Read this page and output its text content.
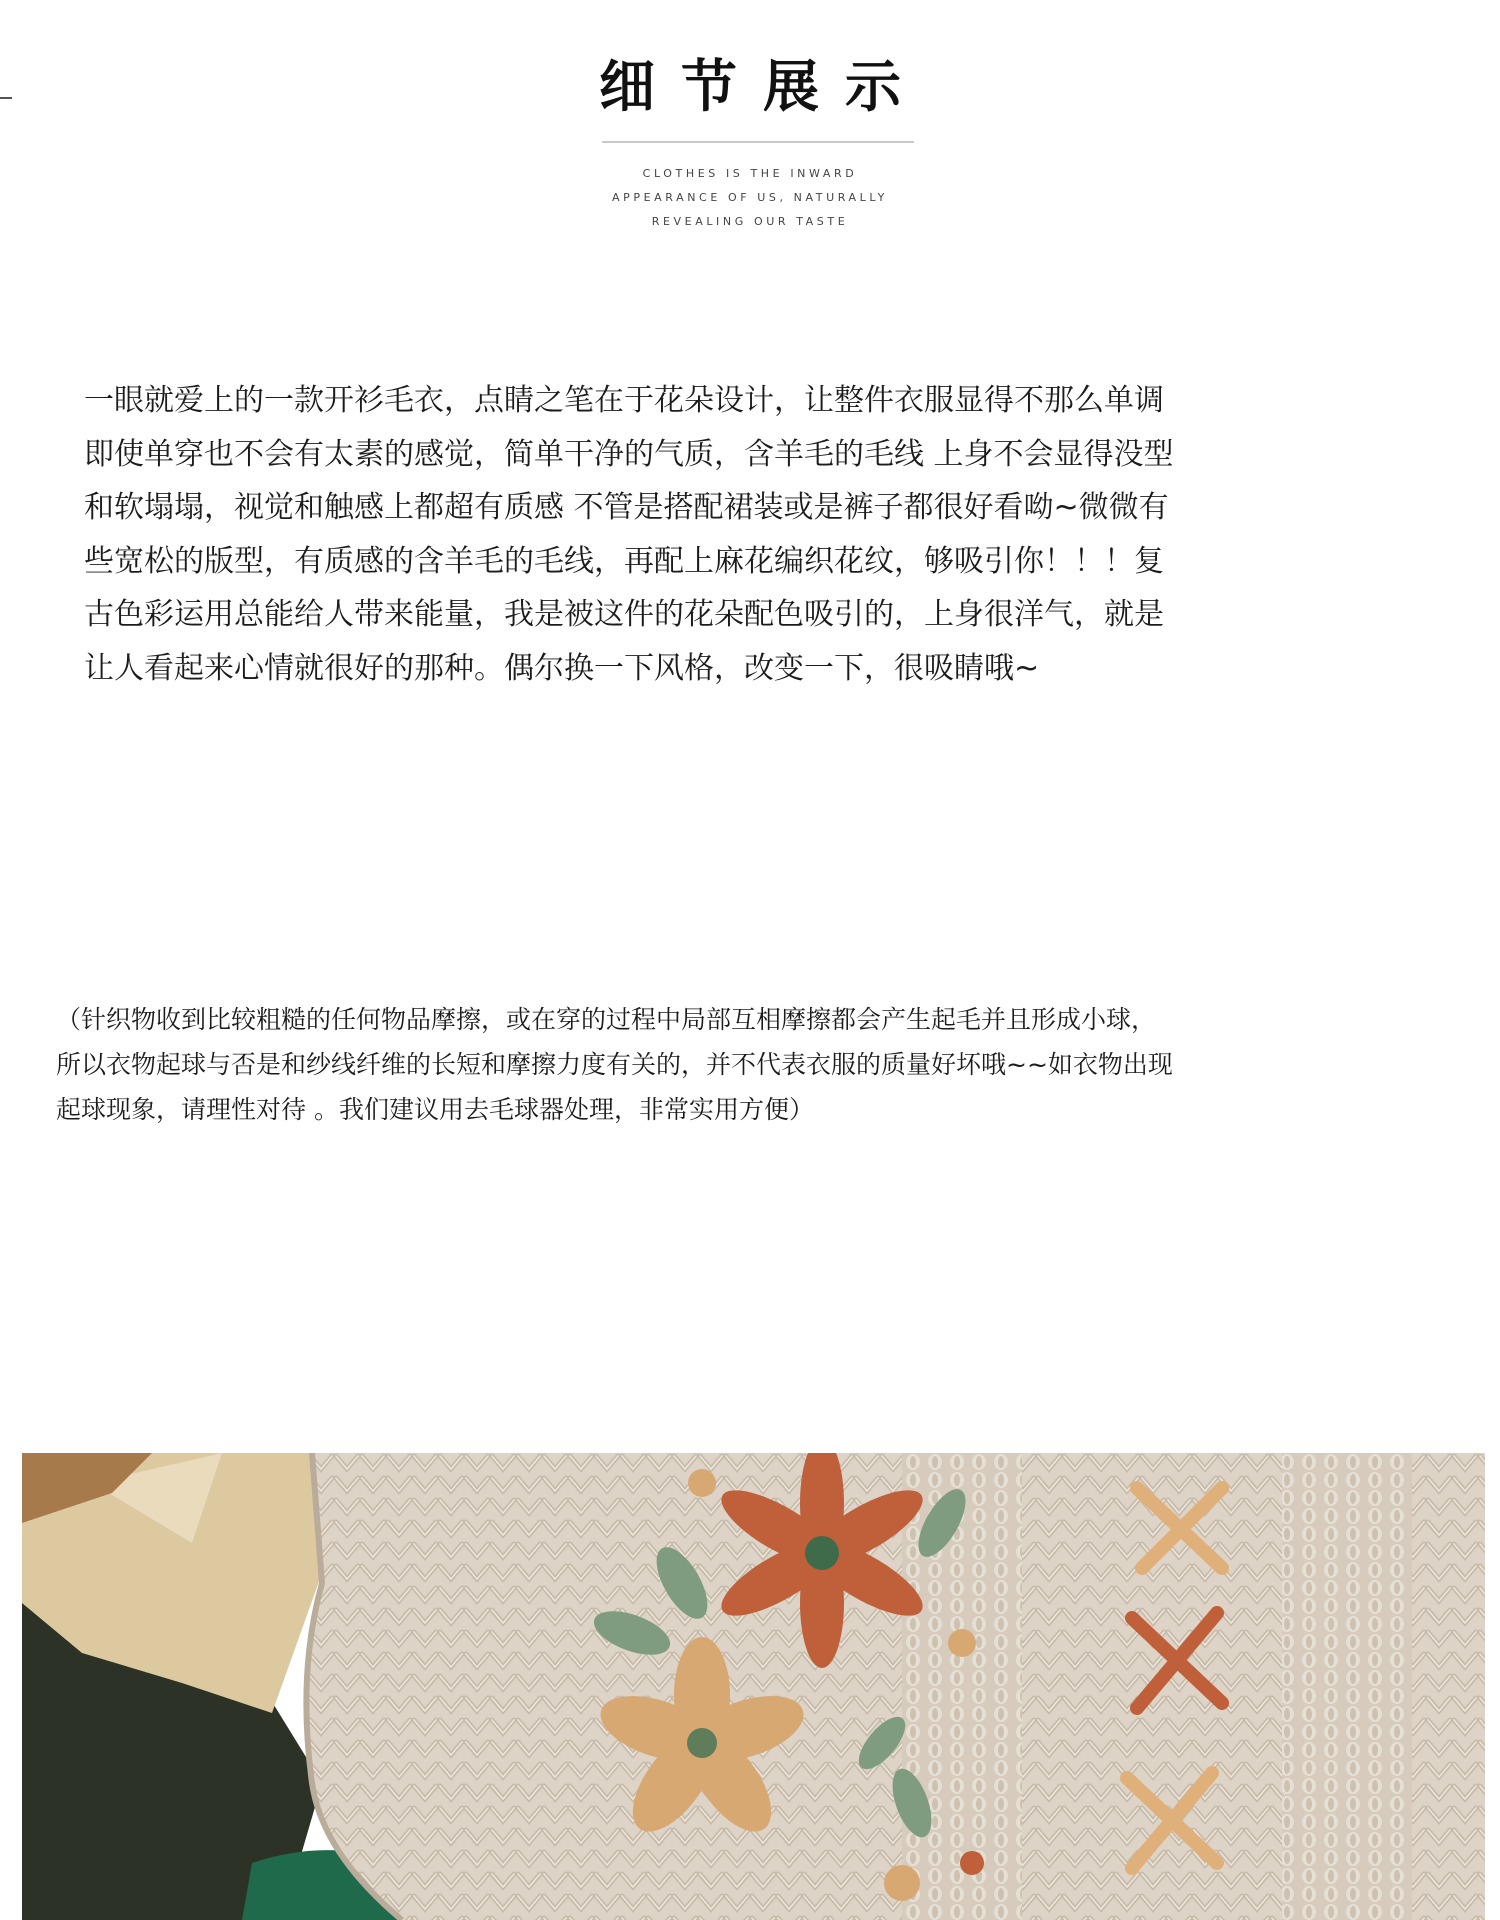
细节展示
CLOTHES IS THE INWARD
APPEARANCE OF US, NATURALLY
REVEALING OUR TASTE
一眼就爱上的一款开衫毛衣，点睛之笔在于花朵设计，让整件衣服显得不那么单调
即使单穿也不会有太素的感觉，简单干净的气质，含羊毛的毛线 上身不会显得没型
和软塌塌，视觉和触感上都超有质感 不管是搭配裙装或是裤子都很好看呦~微微有
些宽松的版型，有质感的含羊毛的毛线，再配上麻花编织花纹，够吸引你！！！复
古色彩运用总能给人带来能量，我是被这件的花朵配色吸引的，上身很洋气，就是
让人看起来心情就很好的那种。偶尔换一下风格，改变一下，很吸睛哦~
（针织物收到比较粗糙的任何物品摩擦，或在穿的过程中局部互相摩擦都会产生起毛并且形成小球，
所以衣物起球与否是和纱线纤维的长短和摩擦力度有关的，并不代表衣服的质量好坏哦~~如衣物出现
起球现象，请理性对待 。我们建议用去毛球器处理，非常实用方便）
